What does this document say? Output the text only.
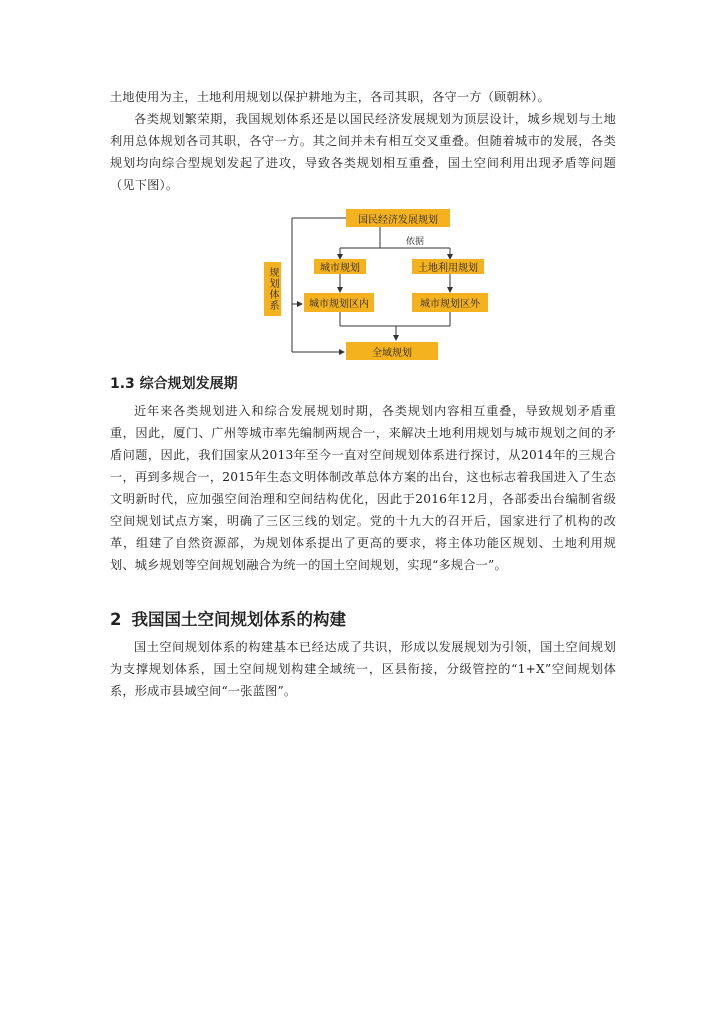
土地使用为主，土地利用规划以保护耕地为主，各司其职，各守一方（顾朝林）。
各类规划繁荣期，我国规划体系还是以国民经济发展规划为顶层设计，城乡规划与土地利用总体规划各司其职，各守一方。其之间并未有相互交叉重叠。但随着城市的发展，各类规划均向综合型规划发起了进攻，导致各类规划相互重叠，国土空间利用出现矛盾等问题（见下图）。
国民经济发展规划
依据
城市规划	土地利用规划
城市规划区内	城市规划区外
全域规划
规划体系
1.3 综合规划发展期
近年来各类规划进入和综合发展规划时期，各类规划内容相互重叠，导致规划矛盾重重，因此，厦门、广州等城市率先编制两规合一，来解决土地利用规划与城市规划之间的矛盾问题，因此，我们国家从2013年至今一直对空间规划体系进行探讨，从2014年的三规合一，再到多规合一，2015年生态文明体制改革总体方案的出台，这也标志着我国进入了生态文明新时代，应加强空间治理和空间结构优化，因此于2016年12月，各部委出台编制省级空间规划试点方案，明确了三区三线的划定。党的十九大的召开后，国家进行了机构的改革，组建了自然资源部，为规划体系提出了更高的要求，将主体功能区规划、土地利用规划、城乡规划等空间规划融合为统一的国土空间规划，实现“多规合一”。
2 我国国土空间规划体系的构建
国土空间规划体系的构建基本已经达成了共识，形成以发展规划为引领，国土空间规划为支撑规划体系，国土空间规划构建全域统一，区县衔接，分级管控的“1+X”空间规划体系，形成市县域空间“一张蓝图”。
